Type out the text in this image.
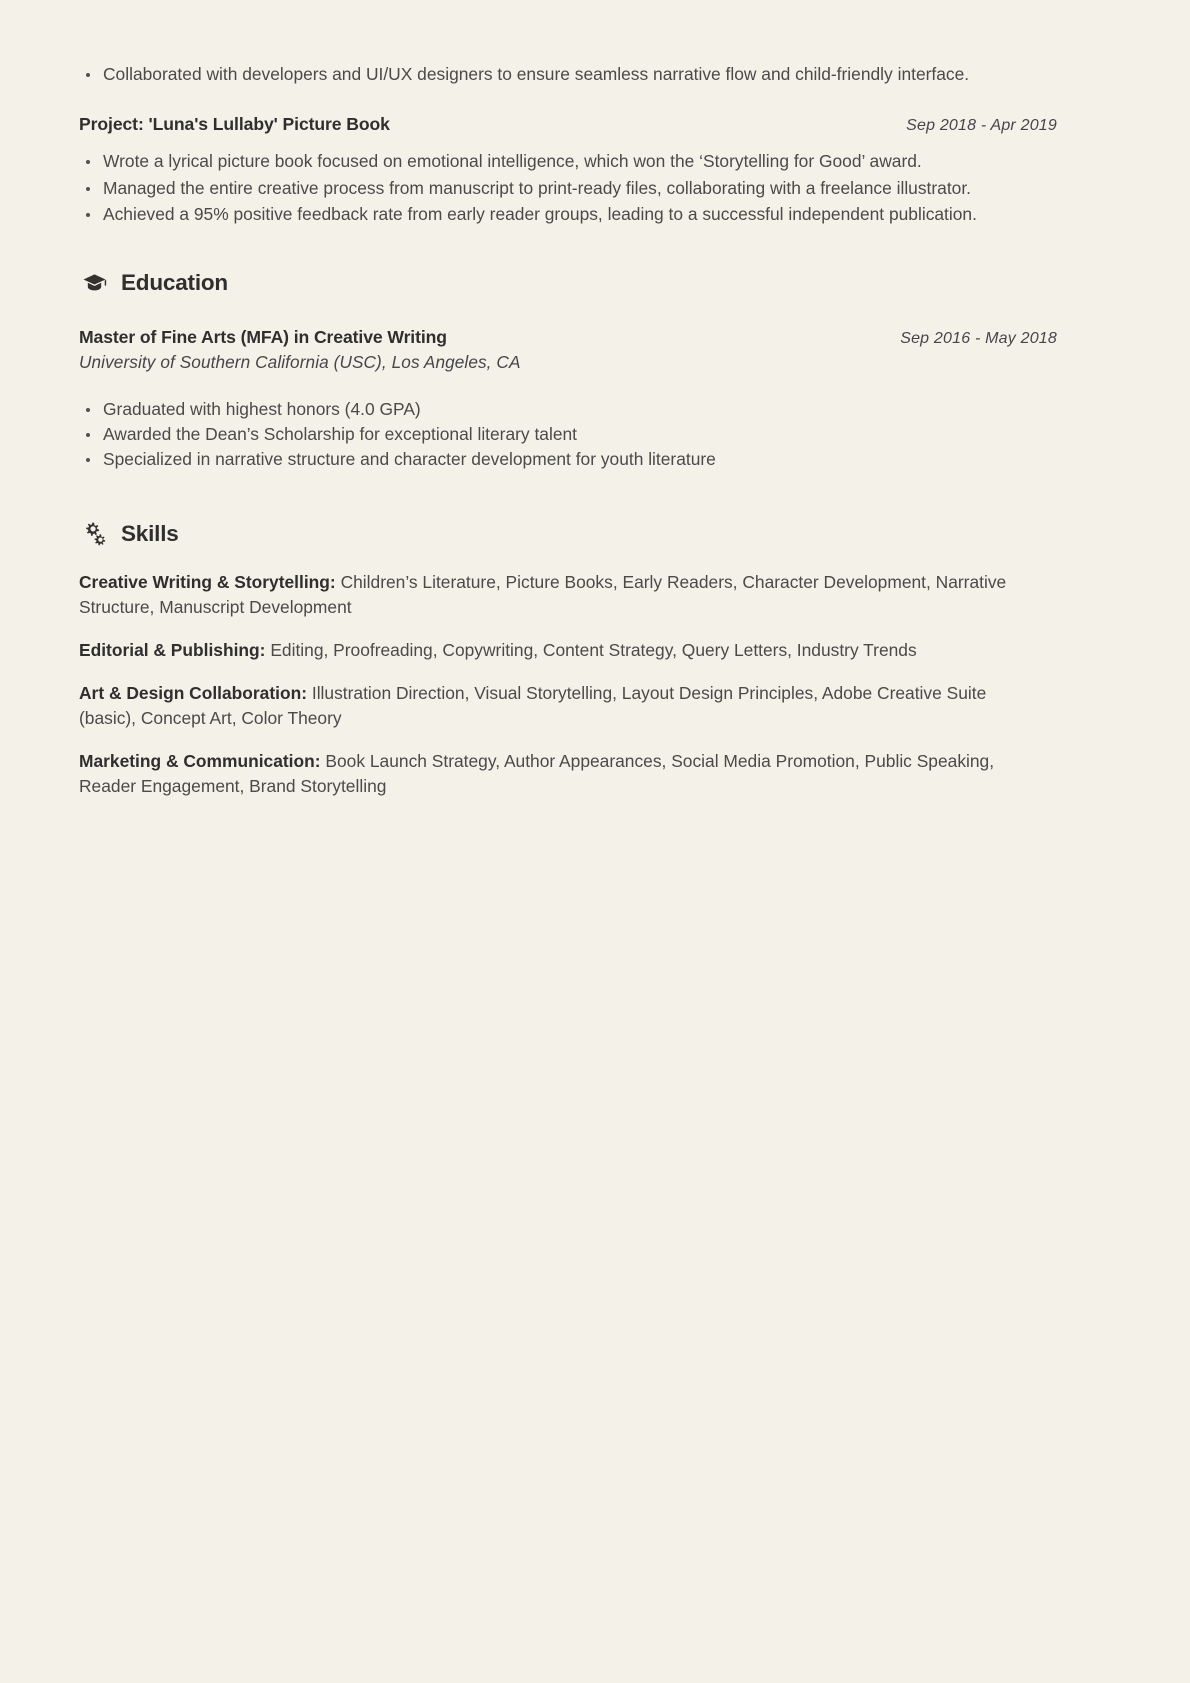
Collaborated with developers and UI/UX designers to ensure seamless narrative flow and child-friendly interface.
Project: 'Luna's Lullaby' Picture Book	Sep 2018 - Apr 2019
Wrote a lyrical picture book focused on emotional intelligence, which won the ‘Storytelling for Good’ award.
Managed the entire creative process from manuscript to print-ready files, collaborating with a freelance illustrator.
Achieved a 95% positive feedback rate from early reader groups, leading to a successful independent publication.
Education
Master of Fine Arts (MFA) in Creative Writing	Sep 2016 - May 2018
University of Southern California (USC), Los Angeles, CA
Graduated with highest honors (4.0 GPA)
Awarded the Dean’s Scholarship for exceptional literary talent
Specialized in narrative structure and character development for youth literature
Skills

Creative Writing & Storytelling: Children’s Literature, Picture Books, Early Readers, Character Development, Narrative Structure, Manuscript Development

Editorial & Publishing: Editing, Proofreading, Copywriting, Content Strategy, Query Letters, Industry Trends

Art & Design Collaboration: Illustration Direction, Visual Storytelling, Layout Design Principles, Adobe Creative Suite (basic), Concept Art, Color Theory

Marketing & Communication: Book Launch Strategy, Author Appearances, Social Media Promotion, Public Speaking, Reader Engagement, Brand Storytelling
